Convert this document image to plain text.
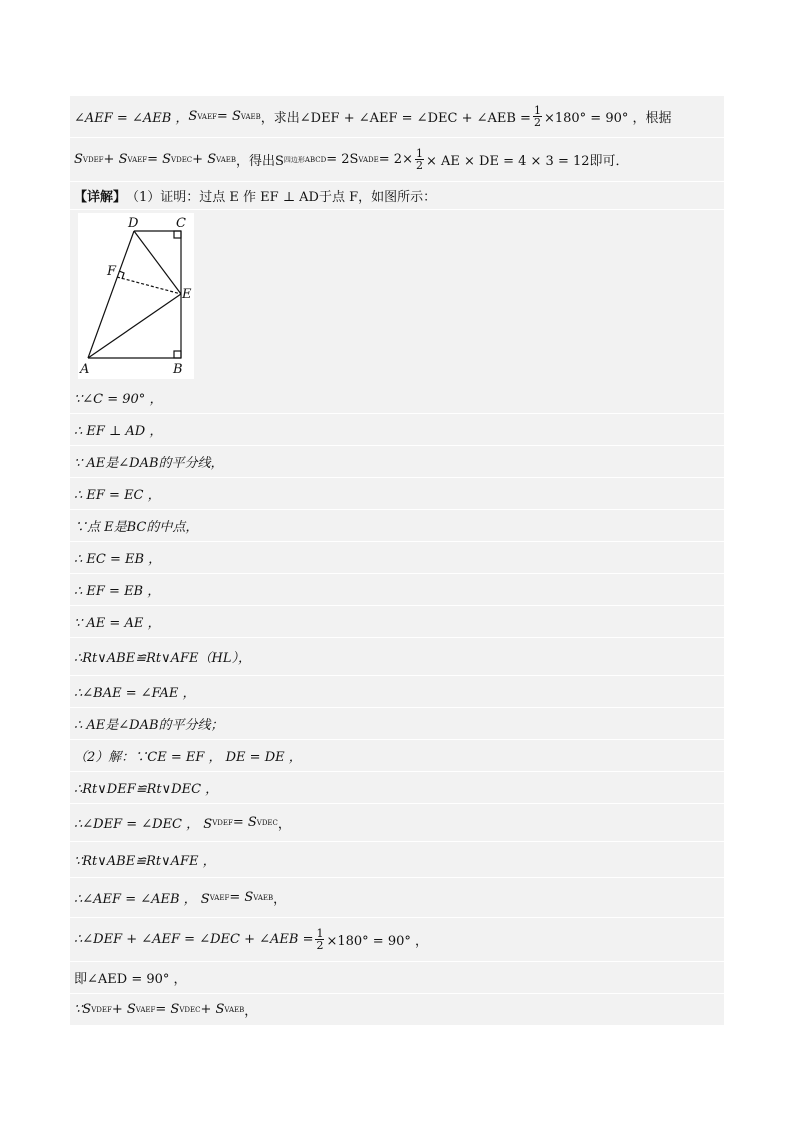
∠AEF = ∠AEB ， S VAEF = S VAEB ，求出∠DEF + ∠AEF = ∠DEC + ∠AEB = $\frac{1}{2} \times 180^\circ = 90^\circ$ ，根据
S VDEF + S VAEF = S VDEC + S VAEB ，得出S 四边形ABCD = 2S VADE = $2\times \frac{1}{2}$ × AE × DE = 4 × 3 = 12即可．
【详解】 （1）证明：过点 E 作 EF ⊥ AD于点 F，如图所示：
D	C
F
E
A	B
∵∠C = 90° ，
∴ EF ⊥ AD ，
∵ AE是∠DAB的平分线，
∴ EF = EC ，
∵点 E是BC的中点，
∴ EC = EB ，
∴ EF = EB ，
∵ AE = AE ，
∴Rt∨ABE≌Rt∨AFE（HL），
∴∠BAE = ∠FAE ，
∴ AE是∠DAB的平分线；
（2）解：∵CE = EF ， DE = DE ，
∴Rt∨DEF≌Rt∨DEC ，
∴∠DEF = ∠DEC ， S VDEF = S VDEC ，
∵Rt∨ABE≌Rt∨AFE ，
∴∠AEF = ∠AEB ， S VAEF = S VAEB ，
∴∠DEF + ∠AEF = ∠DEC + ∠AEB = $\frac{1}{2} \times 180^\circ = 90^\circ$ ，
即∠AED = 90° ，
∵S VDEF + S VAEF = S VDEC + S VAEB ，
